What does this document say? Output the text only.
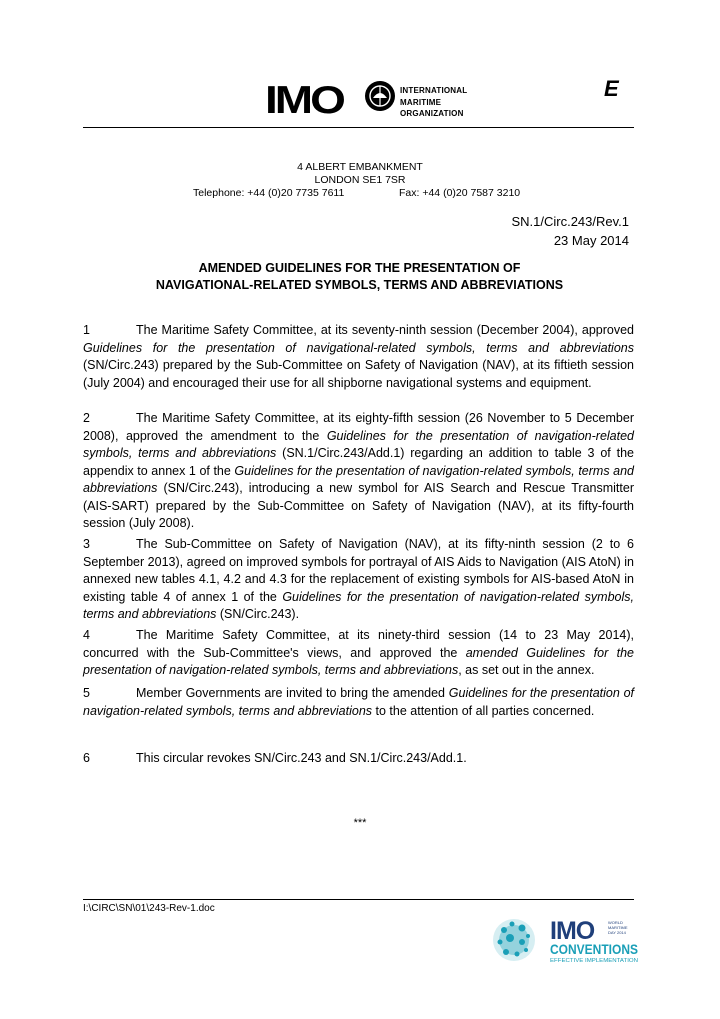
E
IMO	INTERNATIONAL
MARITIME
ORGANIZATION
4 ALBERT EMBANKMENT
LONDON SE1 7SR
Telephone: +44 (0)20 7735 7611	Fax: +44 (0)20 7587 3210
SN.1/Circ.243/Rev.1
23 May 2014
AMENDED GUIDELINES FOR THE PRESENTATION OF
NAVIGATIONAL-RELATED SYMBOLS, TERMS AND ABBREVIATIONS
1	The Maritime Safety Committee, at its seventy-ninth session (December 2004), approved Guidelines for the presentation of navigational-related symbols, terms and abbreviations (SN/Circ.243) prepared by the Sub-Committee on Safety of Navigation (NAV), at its fiftieth session (July 2004) and encouraged their use for all shipborne navigational systems and equipment.
2	The Maritime Safety Committee, at its eighty-fifth session (26 November to 5 December 2008), approved the amendment to the Guidelines for the presentation of navigation-related symbols, terms and abbreviations (SN.1/Circ.243/Add.1) regarding an addition to table 3 of the appendix to annex 1 of the Guidelines for the presentation of navigation-related symbols, terms and abbreviations (SN/Circ.243), introducing a new symbol for AIS Search and Rescue Transmitter (AIS-SART) prepared by the Sub-Committee on Safety of Navigation (NAV), at its fifty-fourth session (July 2008).
3	The Sub-Committee on Safety of Navigation (NAV), at its fifty-ninth session (2 to 6 September 2013), agreed on improved symbols for portrayal of AIS Aids to Navigation (AIS AtoN) in annexed new tables 4.1, 4.2 and 4.3 for the replacement of existing symbols for AIS-based AtoN in existing table 4 of annex 1 of the Guidelines for the presentation of navigation-related symbols, terms and abbreviations (SN/Circ.243).
4	The Maritime Safety Committee, at its ninety-third session (14 to 23 May 2014), concurred with the Sub-Committee's views, and approved the amended Guidelines for the presentation of navigation-related symbols, terms and abbreviations, as set out in the annex.
5	Member Governments are invited to bring the amended Guidelines for the presentation of navigation-related symbols, terms and abbreviations to the attention of all parties concerned.
6	This circular revokes SN/Circ.243 and SN.1/Circ.243/Add.1.
***
I:\CIRC\SN\01\243-Rev-1.doc
IMO	WORLD
MARITIME
DAY 2014
CONVENTIONS
EFFECTIVE IMPLEMENTATION
